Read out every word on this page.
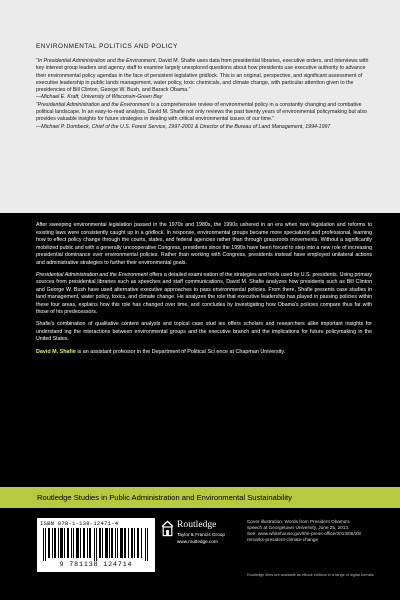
ENVIRONMENTAL POLITICS AND POLICY

“In Presidential Administration and the Environment, David M. Shafie uses data from presidential libraries, executive orders, and interviews with key interest group leaders and agency staff to examine largely unexplored questions about how presidents use executive authority to advance their environmental policy agendas in the face of persistent legislative gridlock. This is an original, perspective, and significant assessment of executive leadership in public lands management, water policy, toxic chemicals, and climate change, with particular attention given to the presidencies of Bill Clinton, George W. Bush, and Barack Obama.”

—Michael E. Kraft, University of Wisconsin-Green Bay

“Presidential Administration and the Environment is a comprehensive review of environmental policy in a constantly changing and combative political landscape. In an easy-to-read analysis, David M. Shafie not only reviews the past twenty years of environmental policymaking but also provides valuable insights for future strategies in dealing with critical environmental issues of our time.”

—Michael P. Dombeck, Chief of the U.S. Forest Service, 1997-2001 & Director of the Bureau of Land Management, 1994-1997

After sweeping environmental legislation passed in the 1970s and 1980s, the 1990s ushered in an era when new legislation and reforms to existing laws were consistently caught up in a gridlock. In response, environmental groups became more specialized and professional, learning how to effect policy change through the courts, states, and federal agencies rather than through grassroots movements. Without a significantly mobilized public and with a generally uncooperative Congress, presidents since the 1990s have been forced to step into a new role of increasing presidential dominance over environmental policies. Rather than working with Congress, presidents instead have employed unilateral actions and administrative strategies to further their environmental goals.

Presidential Administration and the Environment offers a detailed exami nation of the strategies and tools used by U.S. presidents. Using primary sources from presidential libraries such as speeches and staff communications, David M. Shafie analyzes how presidents such as Bill Clinton and George W. Bush have used alternative executive approaches to pass environmental policies. From there, Shafie presents case studies in land management, water policy, toxics, and climate change. He analyzes the role that executive leadership has played in passing policies within these four areas, explains how this role has changed over time, and concludes by investigating how Obama's policies compare thus far with those of his predecessors.

Shafie's combination of qualitative content analysis and topical case stud ies offers scholars and researchers alike important insights for understand ing the interactions between environmental groups and the executive branch and the implications for future policymaking in the United States.

David M. Shafie is an assistant professor in the Department of Political Sci ence at Chapman University.
Routledge Studies in Public Administration and Environmental Sustainability
ISBN 978-1-138-12471-4
9 781138 124714
Routledge
Taylor & Francis Group
www.routledge.com
Cover illustration: Words from President Obama's
speech at Georgetown University, June 25, 2013.
See: www.whitehouse.gov/the-press-office/2013/06/25/
remarks-president-climate-change
Routledge titles are available as eBook editions in a range of digital formats
